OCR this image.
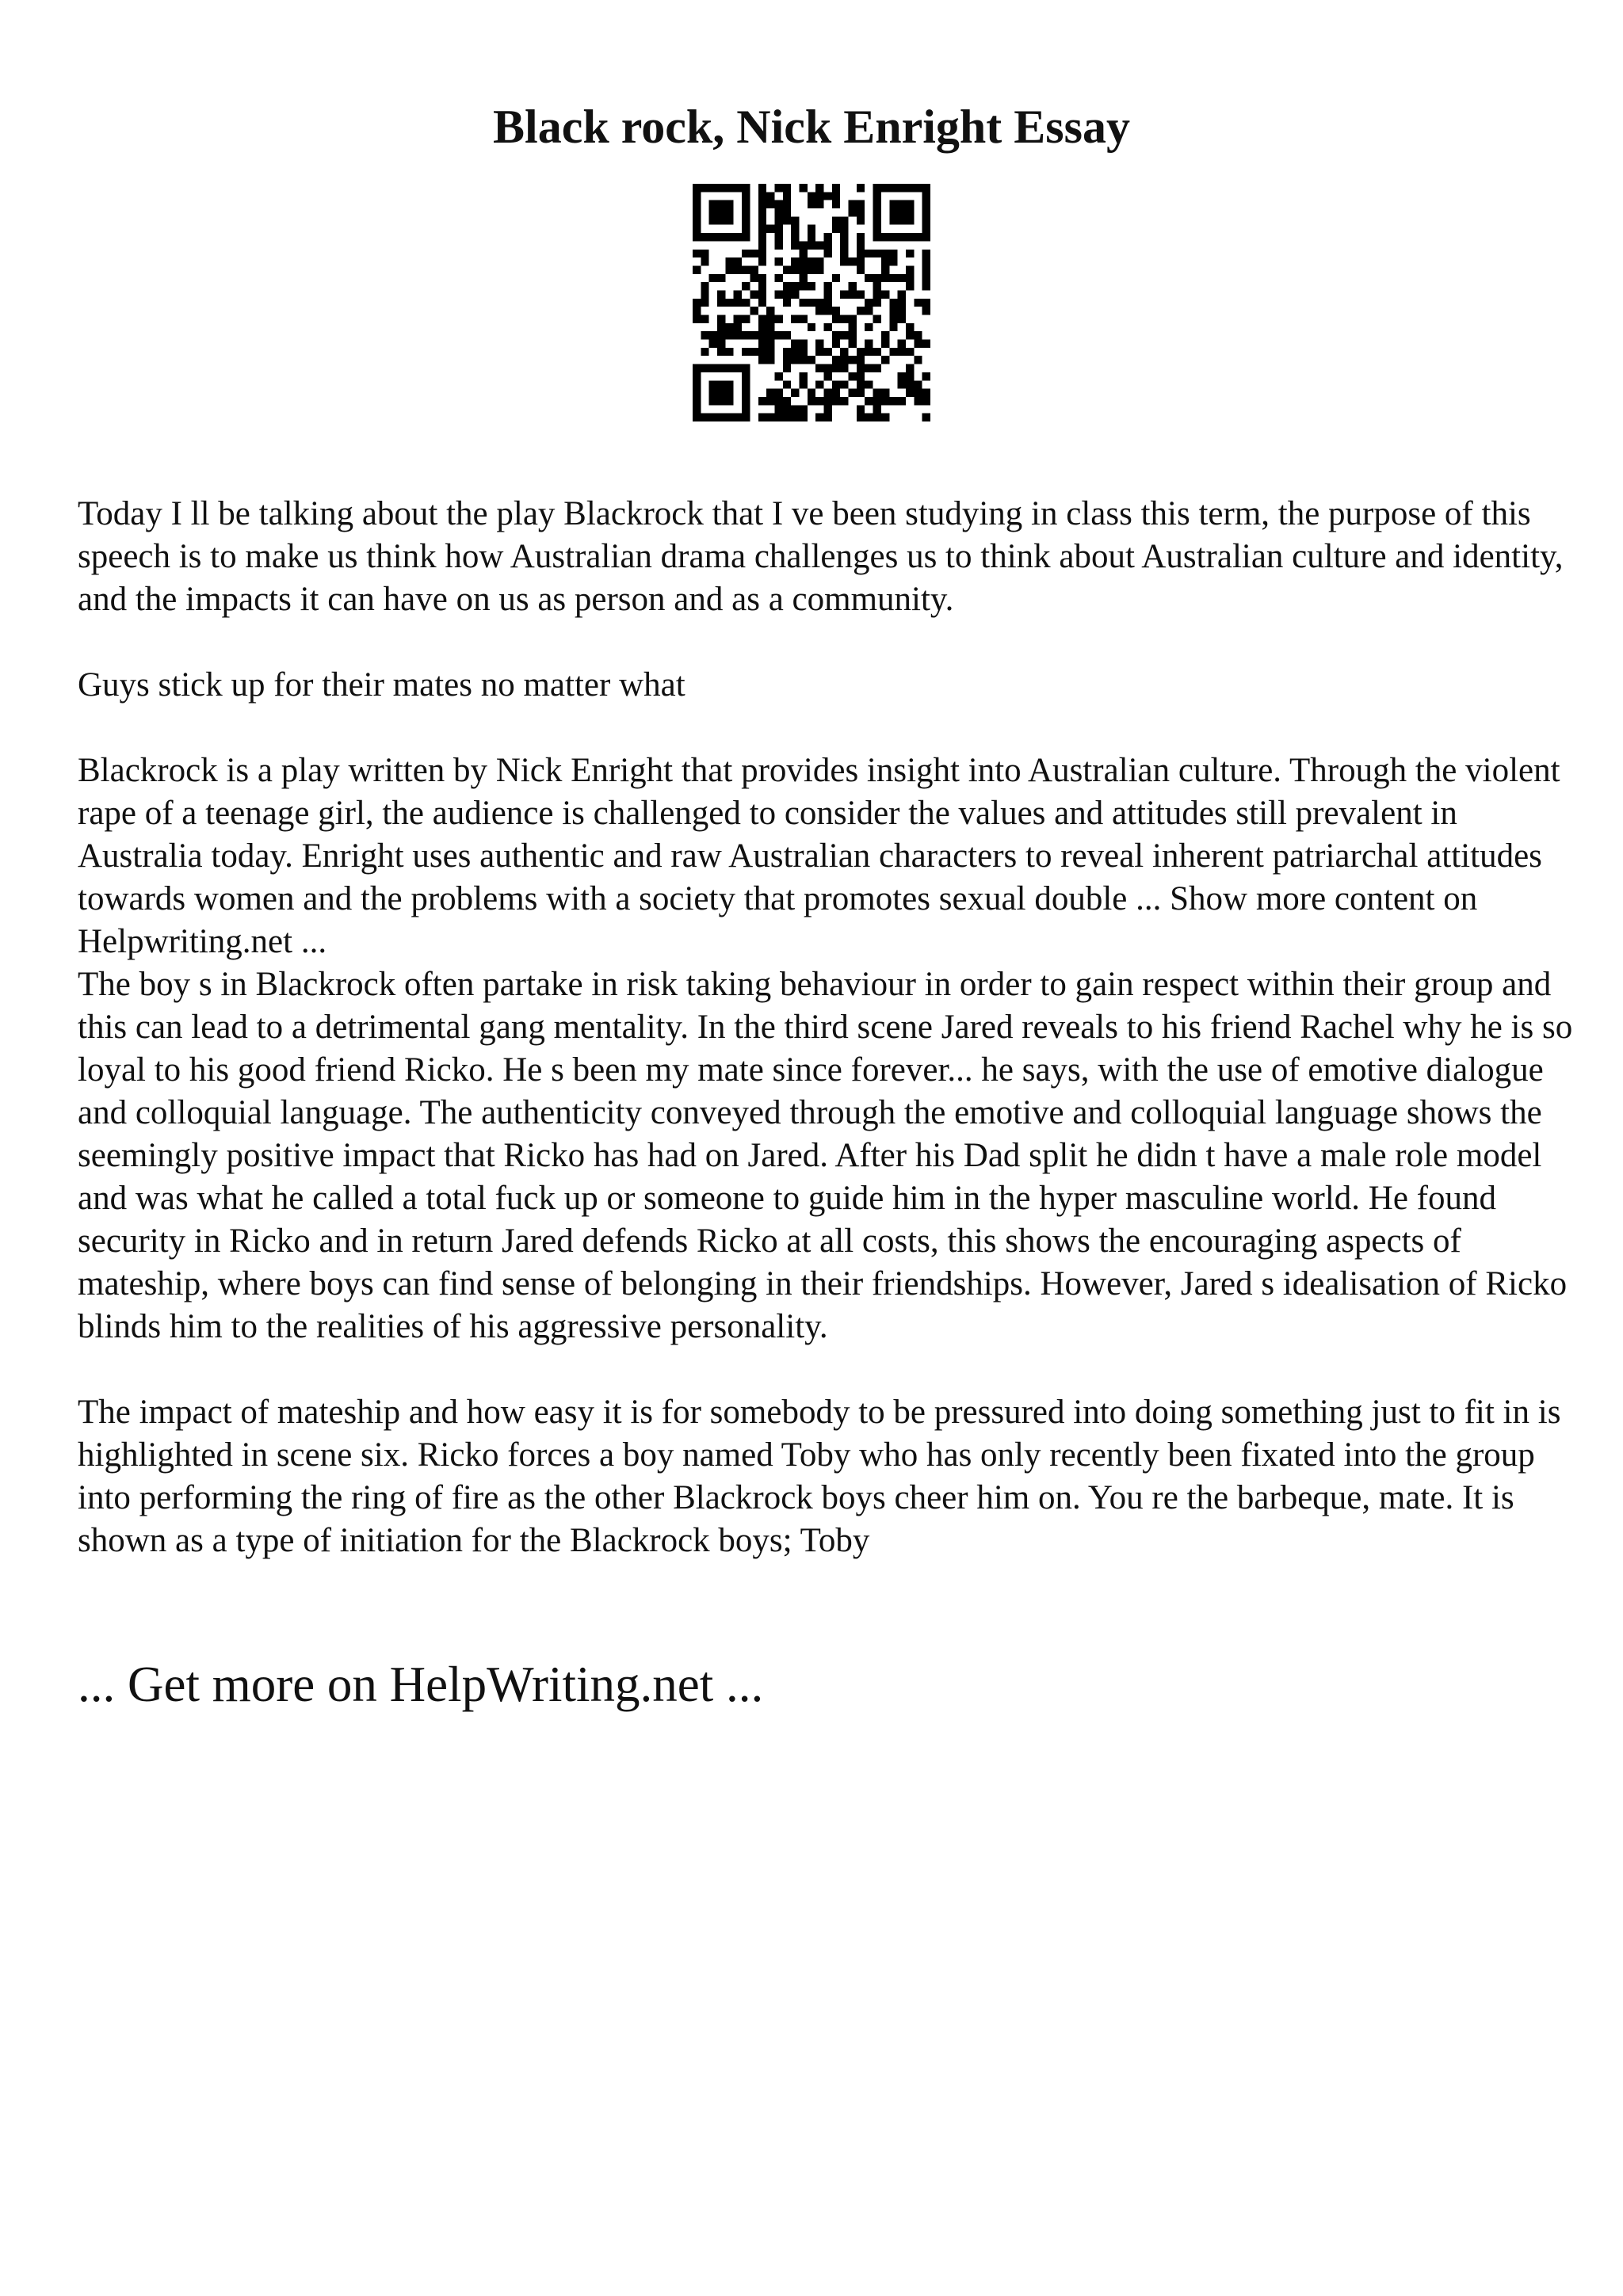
Black rock, Nick Enright Essay

Today I ll be talking about the play Blackrock that I ve been studying in class this term, the purpose of this speech is to make us think how Australian drama challenges us to think about Australian culture and identity, and the impacts it can have on us as person and as a community.

Guys stick up for their mates no matter what

Blackrock is a play written by Nick Enright that provides insight into Australian culture. Through the violent rape of a teenage girl, the audience is challenged to consider the values and attitudes still prevalent in Australia today. Enright uses authentic and raw Australian characters to reveal inherent patriarchal attitudes towards women and the problems with a society that promotes sexual double ... Show more content on Helpwriting.net ...

The boy s in Blackrock often partake in risk taking behaviour in order to gain respect within their group and this can lead to a detrimental gang mentality. In the third scene Jared reveals to his friend Rachel why he is so loyal to his good friend Ricko. He s been my mate since forever... he says, with the use of emotive dialogue and colloquial language. The authenticity conveyed through the emotive and colloquial language shows the seemingly positive impact that Ricko has had on Jared. After his Dad split he didn t have a male role model and was what he called a total fuck up or someone to guide him in the hyper masculine world. He found security in Ricko and in return Jared defends Ricko at all costs, this shows the encouraging aspects of mateship, where boys can find sense of belonging in their friendships. However, Jared s idealisation of Ricko blinds him to the realities of his aggressive personality.

The impact of mateship and how easy it is for somebody to be pressured into doing something just to fit in is highlighted in scene six. Ricko forces a boy named Toby who has only recently been fixated into the group into performing the ring of fire as the other Blackrock boys cheer him on. You re the barbeque, mate. It is shown as a type of initiation for the Blackrock boys; Toby

... Get more on HelpWriting.net ...
